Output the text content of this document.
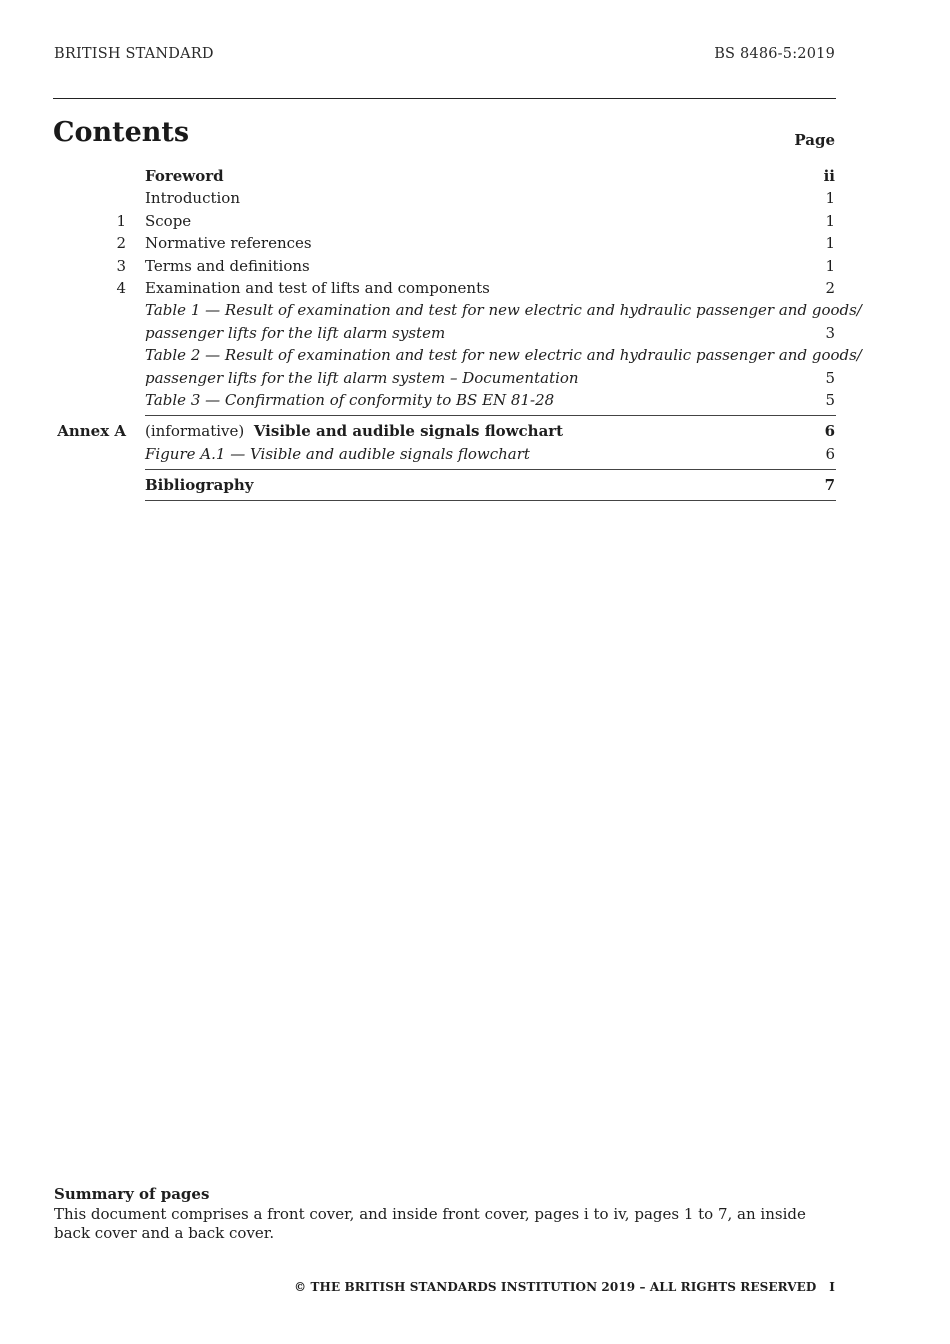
BRITISH STANDARD	BS 8486-5:2019
Contents	Page
Foreword	ii
Introduction	1
1 Scope	1
2 Normative references	1
3 Terms and definitions	1
4 Examination and test of lifts and components	2
Table 1 — Result of examination and test for new electric and hydraulic passenger and goods/
passenger lifts for the lift alarm system	3
Table 2 — Result of examination and test for new electric and hydraulic passenger and goods/
passenger lifts for the lift alarm system – Documentation	5
Table 3 — Confirmation of conformity to BS EN 81-28	5
Annex A (informative) Visible and audible signals flowchart	6
Figure A.1 — Visible and audible signals flowchart	6
Bibliography	7
Summary of pages
This document comprises a front cover, and inside front cover, pages i to iv, pages 1 to 7, an inside back cover and a back cover.
© THE BRITISH STANDARDS INSTITUTION 2019 – ALL RIGHTS RESERVED I
